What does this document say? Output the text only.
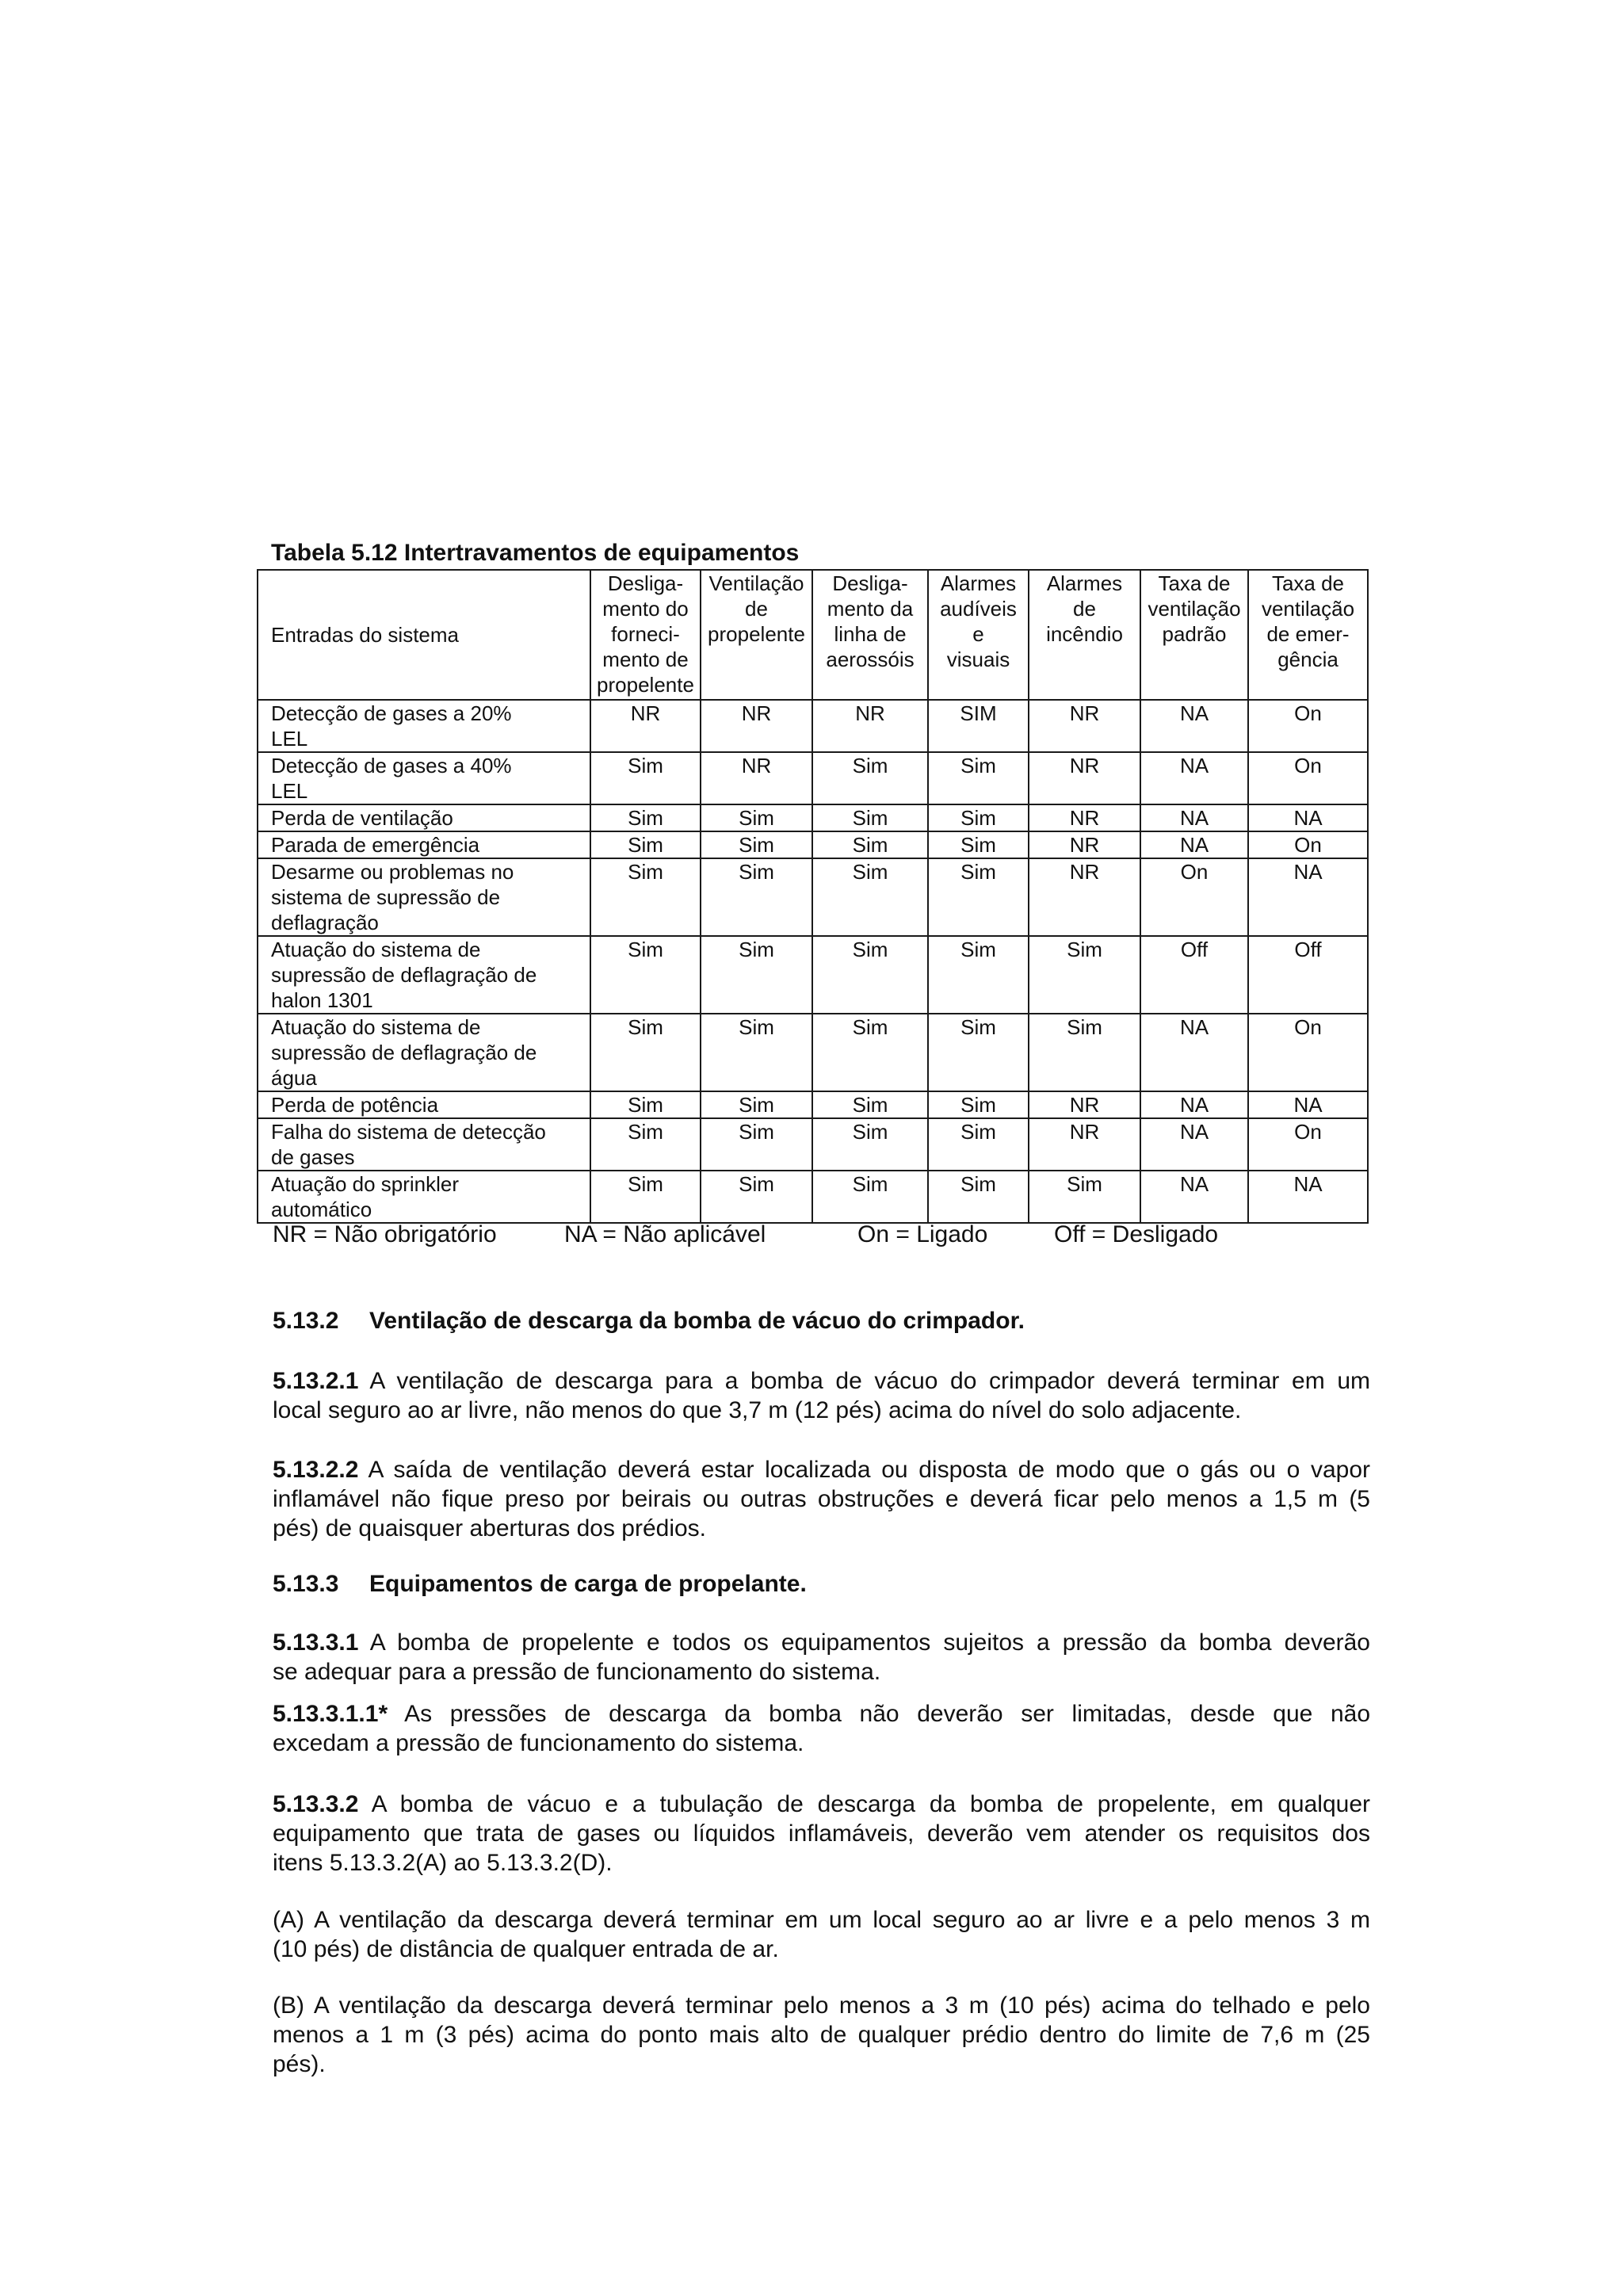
Tabela 5.12 Intertravamentos de equipamentos
Entradas do sistema	Desliga-
mento do
forneci-
mento de
propelente	Ventilação
de
propelente	Desliga-
mento da
linha de
aerossóis	Alarmes
audíveis
e
visuais	Alarmes
de
incêndio	Taxa de
ventilação
padrão	Taxa de
ventilação
de emer-
gência

Detecção de gases a 20%
LEL	NR	NR	NR	SIM	NR	NA	On

Detecção de gases a 40%
LEL	Sim	NR	Sim	Sim	NR	NA	On

Perda de ventilação	Sim	Sim	Sim	Sim	NR	NA	NA

Parada de emergência	Sim	Sim	Sim	Sim	NR	NA	On

Desarme ou problemas no
sistema de supressão de
deflagração	Sim	Sim	Sim	Sim	NR	On	NA

Atuação do sistema de
supressão de deflagração de
halon 1301	Sim	Sim	Sim	Sim	Sim	Off	Off

Atuação do sistema de
supressão de deflagração de
água	Sim	Sim	Sim	Sim	Sim	NA	On

Perda de potência	Sim	Sim	Sim	Sim	NR	NA	NA

Falha do sistema de detecção
de gases	Sim	Sim	Sim	Sim	NR	NA	On

Atuação do sprinkler
automático	Sim	Sim	Sim	Sim	Sim	NA	NA
NR = Não obrigatório	NA = Não aplicável	On = Ligado	Off = Desligado
5.13.2 Ventilação de descarga da bomba de vácuo do crimpador.
5.13.2.1 A ventilação de descarga para a bomba de vácuo do crimpador deverá terminar em um
local seguro ao ar livre, não menos do que 3,7 m (12 pés) acima do nível do solo adjacente.
5.13.2.2 A saída de ventilação deverá estar localizada ou disposta de modo que o gás ou o vapor
inflamável não fique preso por beirais ou outras obstruções e deverá ficar pelo menos a 1,5 m (5
pés) de quaisquer aberturas dos prédios.
5.13.3 Equipamentos de carga de propelante.
5.13.3.1 A bomba de propelente e todos os equipamentos sujeitos a pressão da bomba deverão
se adequar para a pressão de funcionamento do sistema.
5.13.3.1.1* As pressões de descarga da bomba não deverão ser limitadas, desde que não
excedam a pressão de funcionamento do sistema.
5.13.3.2 A bomba de vácuo e a tubulação de descarga da bomba de propelente, em qualquer
equipamento que trata de gases ou líquidos inflamáveis, deverão vem atender os requisitos dos
itens 5.13.3.2(A) ao 5.13.3.2(D).
(A) A ventilação da descarga deverá terminar em um local seguro ao ar livre e a pelo menos 3 m
(10 pés) de distância de qualquer entrada de ar.
(B) A ventilação da descarga deverá terminar pelo menos a 3 m (10 pés) acima do telhado e pelo
menos a 1 m (3 pés) acima do ponto mais alto de qualquer prédio dentro do limite de 7,6 m (25
pés).
